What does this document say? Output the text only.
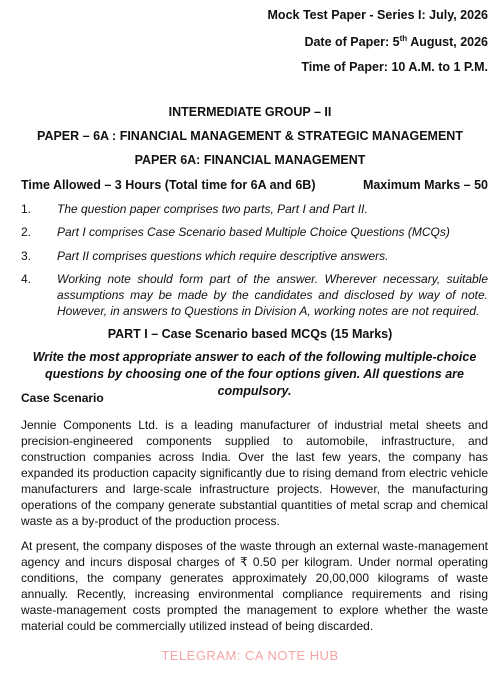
Mock Test Paper - Series I: July, 2026
Date of Paper: 5th August, 2026
Time of Paper: 10 A.M. to 1 P.M.
INTERMEDIATE GROUP – II
PAPER – 6A : FINANCIAL MANAGEMENT & STRATEGIC MANAGEMENT
PAPER 6A: FINANCIAL MANAGEMENT
Time Allowed – 3 Hours (Total time for 6A and 6B)	Maximum Marks – 50
1.	The question paper comprises two parts, Part I and Part II.
2.	Part I comprises Case Scenario based Multiple Choice Questions (MCQs)
3.	Part II comprises questions which require descriptive answers.
4.	Working note should form part of the answer. Wherever necessary, suitable assumptions may be made by the candidates and disclosed by way of note. However, in answers to Questions in Division A, working notes are not required.
PART I – Case Scenario based MCQs (15 Marks)
Write the most appropriate answer to each of the following multiple-choice questions by choosing one of the four options given. All questions are compulsory.
Case Scenario
Jennie Components Ltd. is a leading manufacturer of industrial metal sheets and precision-engineered components supplied to automobile, infrastructure, and construction companies across India. Over the last few years, the company has expanded its production capacity significantly due to rising demand from electric vehicle manufacturers and large-scale infrastructure projects. However, the manufacturing operations of the company generate substantial quantities of metal scrap and chemical waste as a by-product of the production process.
At present, the company disposes of the waste through an external waste-management agency and incurs disposal charges of ₹ 0.50 per kilogram. Under normal operating conditions, the company generates approximately 20,00,000 kilograms of waste annually. Recently, increasing environmental compliance requirements and rising waste-management costs prompted the management to explore whether the waste material could be commercially utilized instead of being discarded.
TELEGRAM: CA NOTE HUB
